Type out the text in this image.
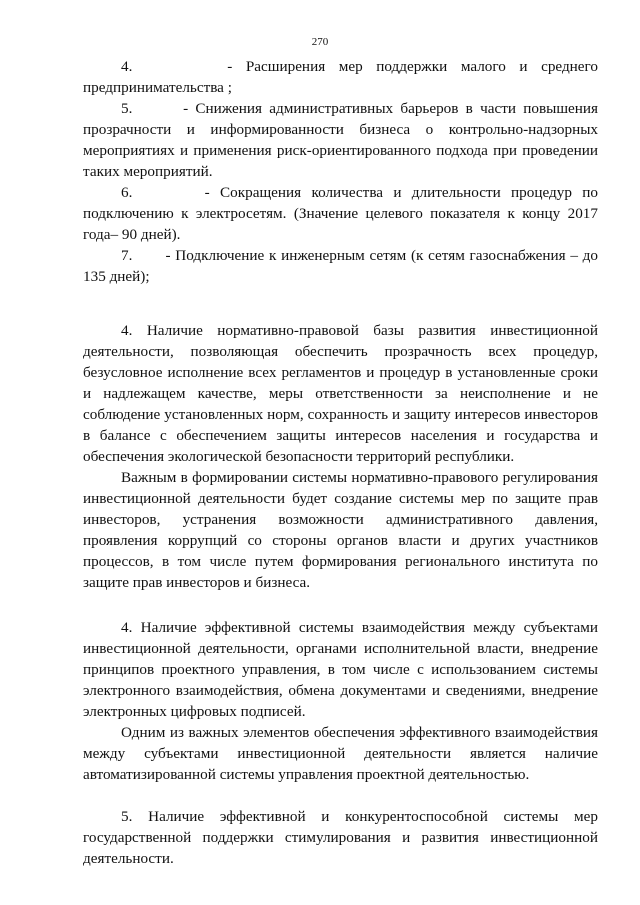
270

4.       - Расширения мер поддержки малого и среднего предпринимательства ;

5.       - Снижения административных барьеров в части повышения прозрачности и информированности бизнеса о контрольно-надзорных мероприятиях и применения риск-ориентированного подхода при проведении таких мероприятий.

6.       - Сокращения количества и длительности процедур по подключению к электросетям. (Значение целевого показателя к концу 2017 года– 90 дней).

7.       - Подключение к инженерным сетям (к сетям газоснабжения – до 135 дней);

4. Наличие нормативно-правовой базы развития инвестиционной деятельности, позволяющая обеспечить прозрачность всех процедур, безусловное исполнение всех регламентов и процедур в установленные сроки и надлежащем качестве, меры ответственности за неисполнение и не соблюдение установленных норм, сохранность и защиту интересов инвесторов в балансе с обеспечением защиты интересов населения и государства и обеспечения экологической безопасности территорий республики.

Важным в формировании системы нормативно-правового регулирования инвестиционной деятельности будет создание системы мер по защите прав инвесторов, устранения возможности административного давления, проявления коррупций со стороны органов власти и других участников процессов, в том числе путем формирования регионального института по защите прав инвесторов и бизнеса.

4. Наличие эффективной системы взаимодействия между субъектами инвестиционной деятельности, органами исполнительной власти, внедрение принципов проектного управления, в том числе с использованием системы электронного взаимодействия, обмена документами и сведениями, внедрение электронных цифровых подписей.

Одним из важных элементов обеспечения эффективного взаимодействия между субъектами инвестиционной деятельности является наличие автоматизированной системы управления проектной деятельностью.

5. Наличие эффективной и конкурентоспособной системы мер государственной поддержки стимулирования и развития инвестиционной деятельности.
